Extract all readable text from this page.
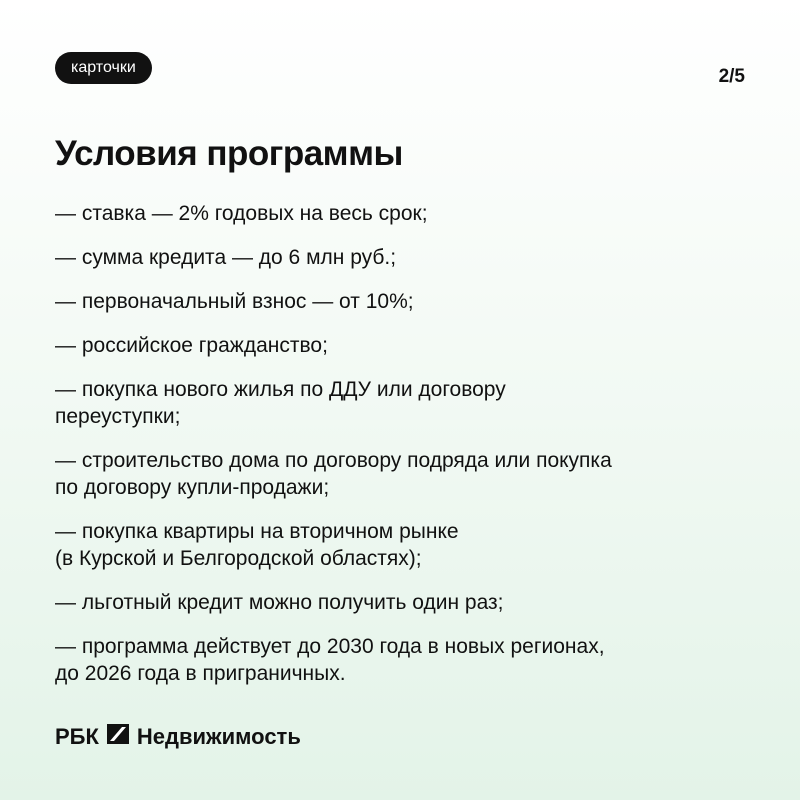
карточки	2/5
Условия программы
— ставка — 2% годовых на весь срок;
— сумма кредита — до 6 млн руб.;
— первоначальный взнос — от 10%;
— российское гражданство;
— покупка нового жилья по ДДУ или договору
переуступки;
— строительство дома по договору подряда или покупка
по договору купли-продажи;
— покупка квартиры на вторичном рынке
(в Курской и Белгородской областях);
— льготный кредит можно получить один раз;
— программа действует до 2030 года в новых регионах,
до 2026 года в приграничных.
РБК Недвижимость
